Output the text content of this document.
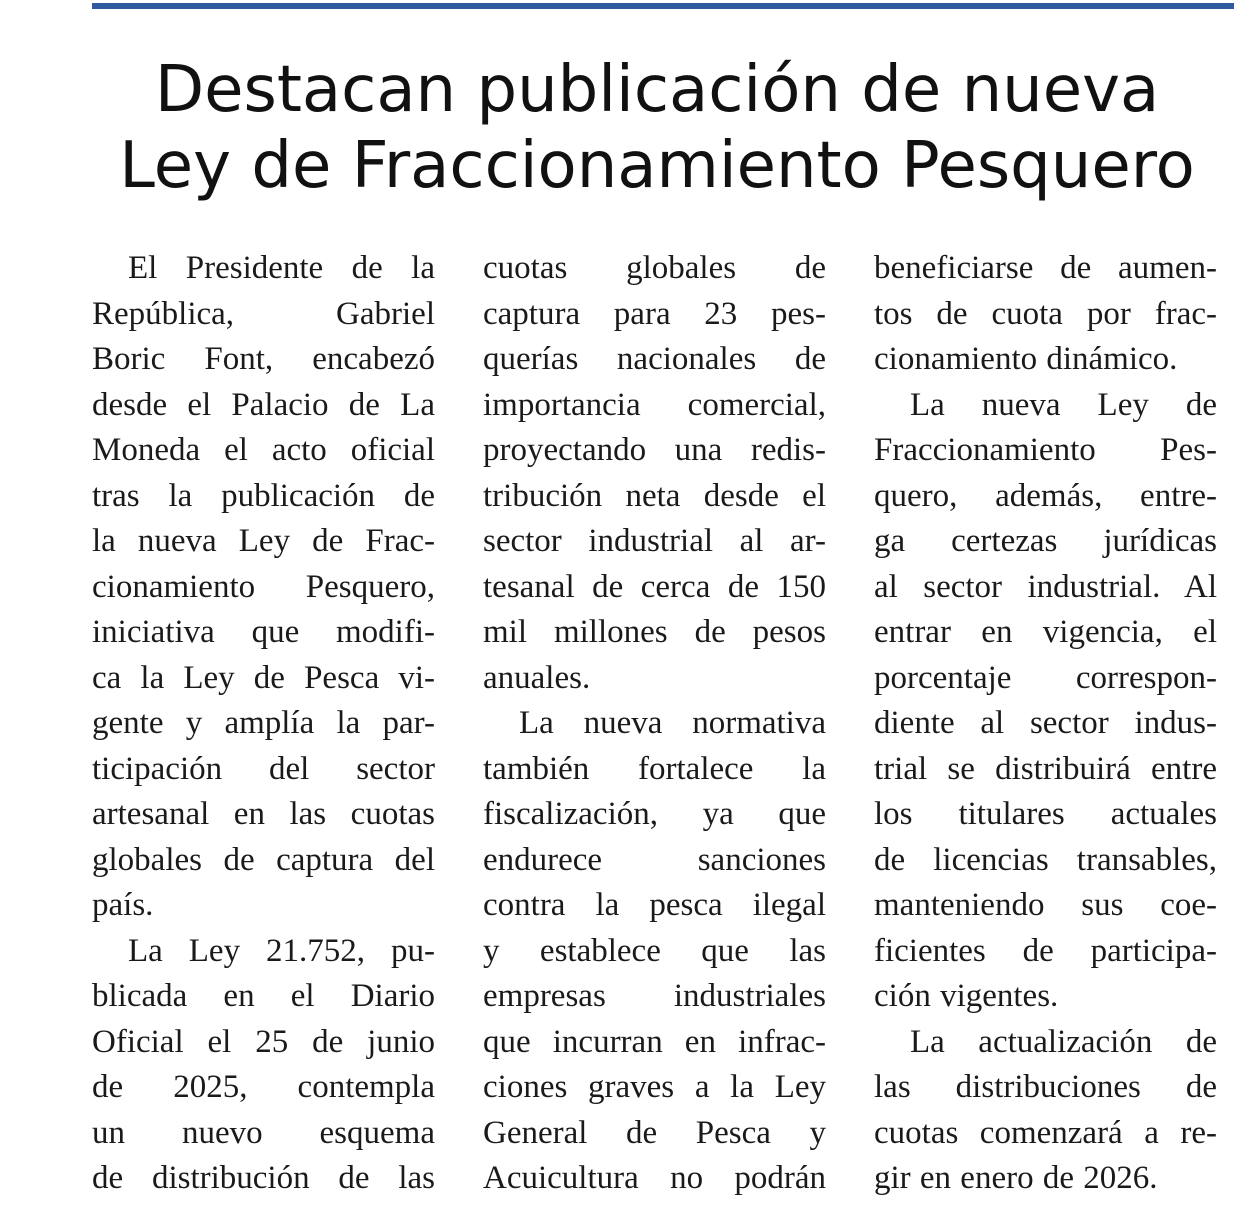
Destacan publicación de nueva
Ley de Fraccionamiento Pesquero
El Presidente de la
República, Gabriel
Boric Font, encabezó
desde el Palacio de La
Moneda el acto oficial
tras la publicación de
la nueva Ley de Frac-
cionamiento Pesquero,
iniciativa que modifi-
ca la Ley de Pesca vi-
gente y amplía la par-
ticipación del sector
artesanal en las cuotas
globales de captura del
país.
La Ley 21.752, pu-
blicada en el Diario
Oficial el 25 de junio
de 2025, contempla
un nuevo esquema
de distribución de las
cuotas globales de
captura para 23 pes-
querías nacionales de
importancia comercial,
proyectando una redis-
tribución neta desde el
sector industrial al ar-
tesanal de cerca de 150
mil millones de pesos
anuales.
La nueva normativa
también fortalece la
fiscalización, ya que
endurece sanciones
contra la pesca ilegal
y establece que las
empresas industriales
que incurran en infrac-
ciones graves a la Ley
General de Pesca y
Acuicultura no podrán
beneficiarse de aumen-
tos de cuota por frac-
cionamiento dinámico.
La nueva Ley de
Fraccionamiento Pes-
quero, además, entre-
ga certezas jurídicas
al sector industrial. Al
entrar en vigencia, el
porcentaje correspon-
diente al sector indus-
trial se distribuirá entre
los titulares actuales
de licencias transables,
manteniendo sus coe-
ficientes de participa-
ción vigentes.
La actualización de
las distribuciones de
cuotas comenzará a re-
gir en enero de 2026.
